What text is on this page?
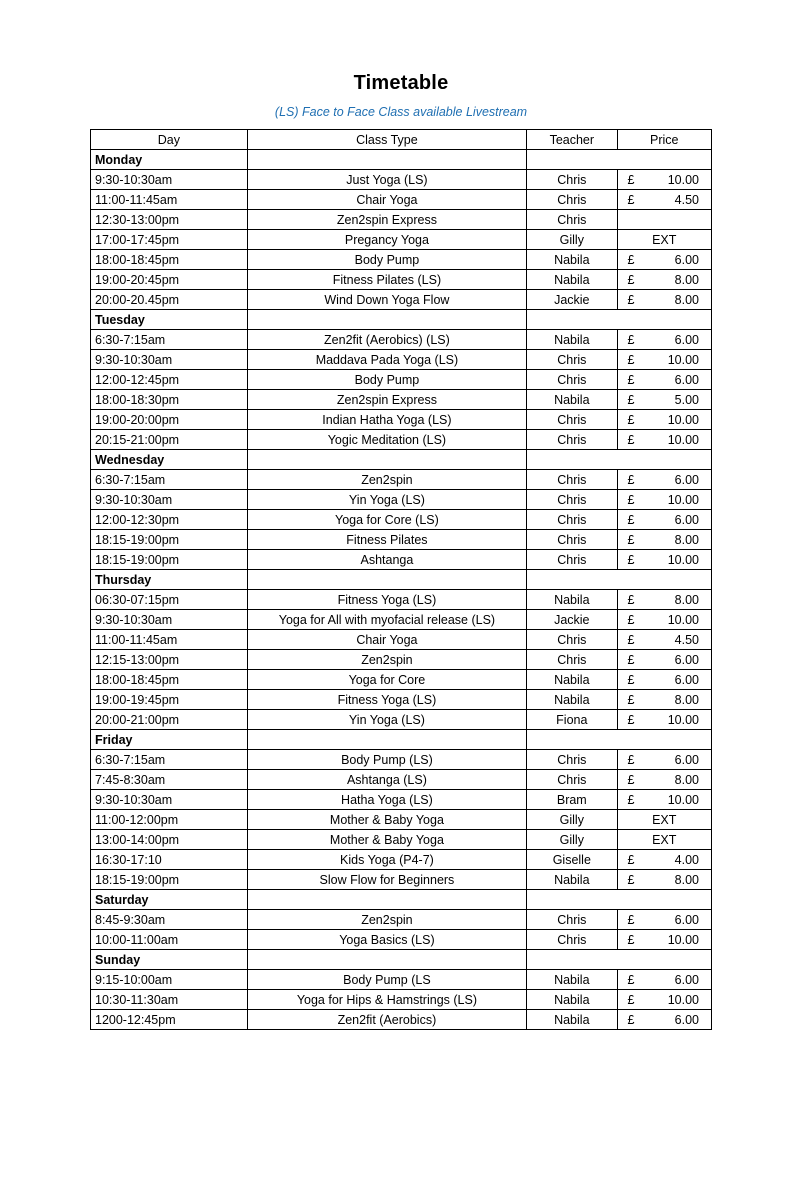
Timetable
(LS) Face to Face Class available Livestream
Day	Class Type	Teacher	Price
Monday			
9:30-10:30am	Just Yoga (LS)	Chris	£ 10.00

11:00-11:45am	Chair Yoga	Chris	£ 4.50

12:30-13:00pm	Zen2spin Express	Chris	
17:00-17:45pm	Pregancy Yoga	Gilly	EXT

18:00-18:45pm	Body Pump	Nabila	£ 6.00

19:00-20:45pm	Fitness Pilates (LS)	Nabila	£ 8.00

20:00-20.45pm	Wind Down Yoga Flow	Jackie	£ 8.00

Tuesday			
6:30-7:15am	Zen2fit (Aerobics) (LS)	Nabila	£ 6.00

9:30-10:30am	Maddava Pada Yoga (LS)	Chris	£ 10.00

12:00-12:45pm	Body Pump	Chris	£ 6.00

18:00-18:30pm	Zen2spin Express	Nabila	£ 5.00

19:00-20:00pm	Indian Hatha Yoga (LS)	Chris	£ 10.00

20:15-21:00pm	Yogic Meditation (LS)	Chris	£ 10.00

Wednesday			
6:30-7:15am	Zen2spin	Chris	£ 6.00

9:30-10:30am	Yin Yoga (LS)	Chris	£ 10.00

12:00-12:30pm	Yoga for Core (LS)	Chris	£ 6.00

18:15-19:00pm	Fitness Pilates	Chris	£ 8.00

18:15-19:00pm	Ashtanga	Chris	£ 10.00

Thursday			
06:30-07:15pm	Fitness Yoga (LS)	Nabila	£ 8.00

9:30-10:30am	Yoga for All with myofacial release (LS)	Jackie	£ 10.00

11:00-11:45am	Chair Yoga	Chris	£ 4.50

12:15-13:00pm	Zen2spin	Chris	£ 6.00

18:00-18:45pm	Yoga for Core	Nabila	£ 6.00

19:00-19:45pm	Fitness Yoga (LS)	Nabila	£ 8.00

20:00-21:00pm	Yin Yoga (LS)	Fiona	£ 10.00

Friday			
6:30-7:15am	Body Pump (LS)	Chris	£ 6.00

7:45-8:30am	Ashtanga (LS)	Chris	£ 8.00

9:30-10:30am	Hatha Yoga (LS)	Bram	£ 10.00

11:00-12:00pm	Mother & Baby Yoga	Gilly	EXT

13:00-14:00pm	Mother & Baby Yoga	Gilly	EXT

16:30-17:10	Kids Yoga (P4-7)	Giselle	£ 4.00

18:15-19:00pm	Slow Flow for Beginners	Nabila	£ 8.00

Saturday			
8:45-9:30am	Zen2spin	Chris	£ 6.00

10:00-11:00am	Yoga Basics (LS)	Chris	£ 10.00

Sunday			
9:15-10:00am	Body Pump (LS	Nabila	£ 6.00

10:30-11:30am	Yoga for Hips & Hamstrings (LS)	Nabila	£ 10.00

1200-12:45pm	Zen2fit (Aerobics)	Nabila	£ 6.00
